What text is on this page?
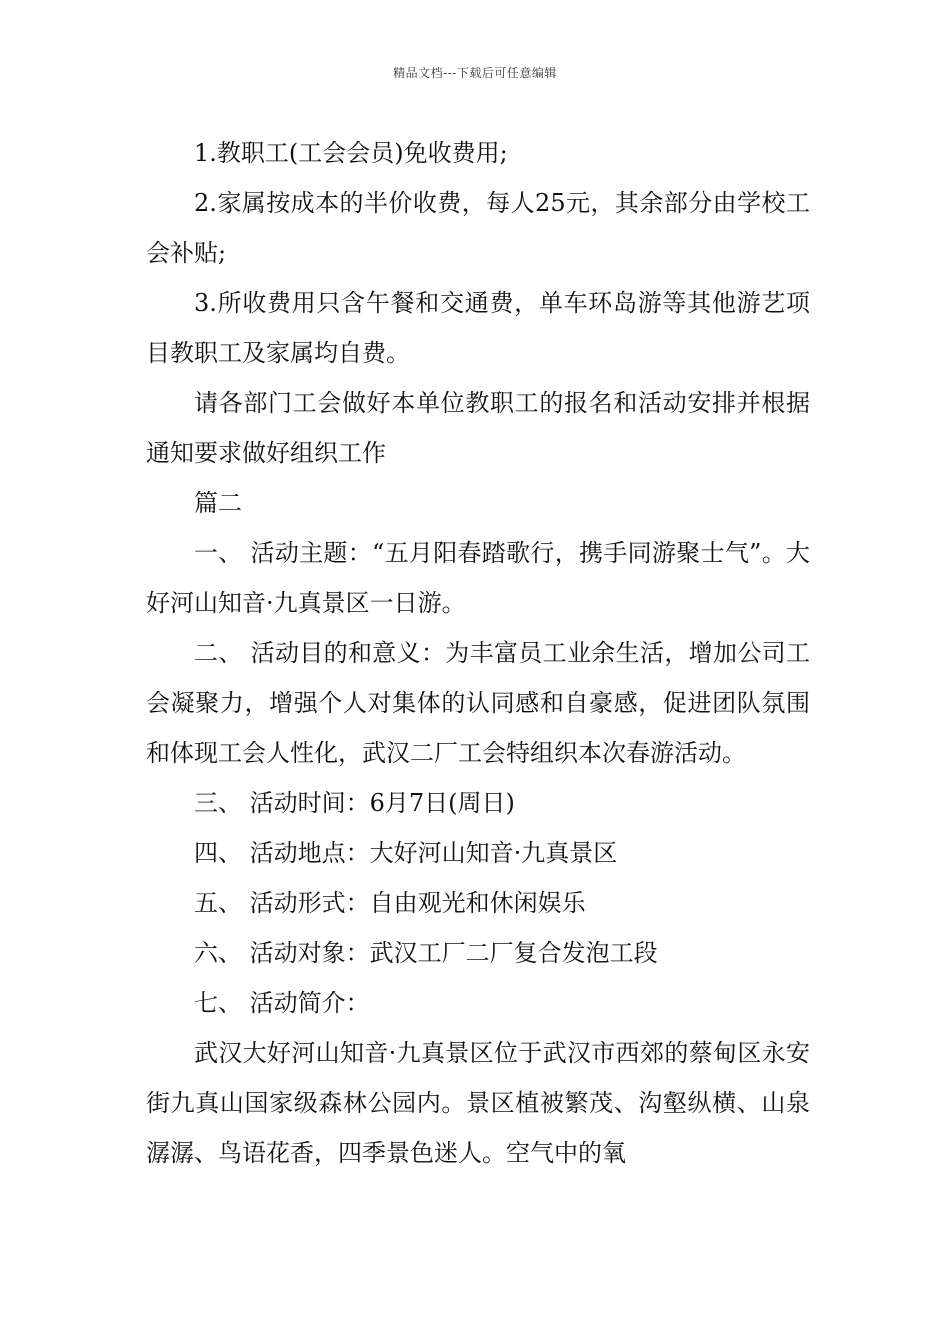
精品文档---下载后可任意编辑

1.教职工(工会会员)免收费用;

2.家属按成本的半价收费，每人25元，其余部分由学校工会补贴;

3.所收费用只含午餐和交通费，单车环岛游等其他游艺项目教职工及家属均自费。

请各部门工会做好本单位教职工的报名和活动安排并根据通知要求做好组织工作

篇二

一、 活动主题：“五月阳春踏歌行，携手同游聚士气”。大好河山知音·九真景区一日游。

二、 活动目的和意义：为丰富员工业余生活，增加公司工会凝聚力，增强个人对集体的认同感和自豪感，促进团队氛围和体现工会人性化，武汉二厂工会特组织本次春游活动。

三、 活动时间：6月7日(周日)

四、 活动地点：大好河山知音·九真景区

五、 活动形式：自由观光和休闲娱乐

六、 活动对象：武汉工厂二厂复合发泡工段

七、 活动简介：

武汉大好河山知音·九真景区位于武汉市西郊的蔡甸区永安街九真山国家级森林公园内。景区植被繁茂、沟壑纵横、山泉潺潺、鸟语花香，四季景色迷人。空气中的氧
